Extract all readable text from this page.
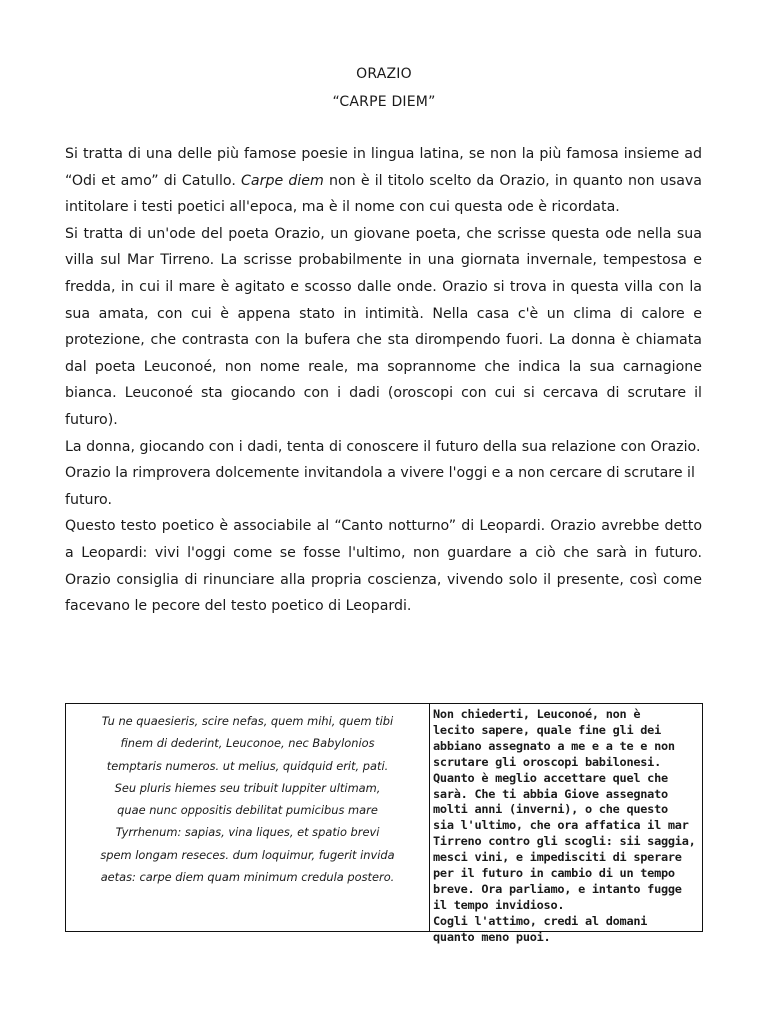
ORAZIO
“CARPE DIEM”

Si tratta di una delle più famose poesie in lingua latina, se non la più famosa insieme ad “Odi et amo” di Catullo. Carpe diem non è il titolo scelto da Orazio, in quanto non usava intitolare i testi poetici all'epoca, ma è il nome con cui questa ode è ricordata.

Si tratta di un'ode del poeta Orazio, un giovane poeta, che scrisse questa ode nella sua villa sul Mar Tirreno. La scrisse probabilmente in una giornata invernale, tempestosa e fredda, in cui il mare è agitato e scosso dalle onde. Orazio si trova in questa villa con la sua amata, con cui è appena stato in intimità. Nella casa c'è un clima di calore e protezione, che contrasta con la bufera che sta dirompendo fuori. La donna è chiamata dal poeta Leuconoé, non nome reale, ma soprannome che indica la sua carnagione bianca. Leuconoé sta giocando con i dadi (oroscopi con cui si cercava di scrutare il futuro).

La donna, giocando con i dadi, tenta di conoscere il futuro della sua relazione con Orazio.

Orazio la rimprovera dolcemente invitandola a vivere l'oggi e a non cercare di scrutare il futuro.

Questo testo poetico è associabile al “Canto notturno” di Leopardi. Orazio avrebbe detto a Leopardi: vivi l'oggi come se fosse l'ultimo, non guardare a ciò che sarà in futuro. Orazio consiglia di rinunciare alla propria coscienza, vivendo solo il presente, così come facevano le pecore del testo poetico di Leopardi.

Tu ne quaesieris, scire nefas, quem mihi, quem tibi
finem di dederint, Leuconoe, nec Babylonios
temptaris numeros. ut melius, quidquid erit, pati.
Seu pluris hiemes seu tribuit Iuppiter ultimam,
quae nunc oppositis debilitat pumicibus mare
Tyrrhenum: sapias, vina liques, et spatio brevi
spem longam reseces. dum loquimur, fugerit invida
aetas: carpe diem quam minimum credula postero.
Non chiederti, Leuconoé, non è
lecito sapere, quale fine gli dei
abbiano assegnato a me e a te e non
scrutare gli oroscopi babilonesi.
Quanto è meglio accettare quel che
sarà. Che ti abbia Giove assegnato
molti anni (inverni), o che questo
sia l'ultimo, che ora affatica il mar
Tirreno contro gli scogli: sii saggia,
mesci vini, e impedisciti di sperare
per il futuro in cambio di un tempo
breve. Ora parliamo, e intanto fugge
il tempo invidioso.
Cogli l'attimo, credi al domani
quanto meno puoi.
